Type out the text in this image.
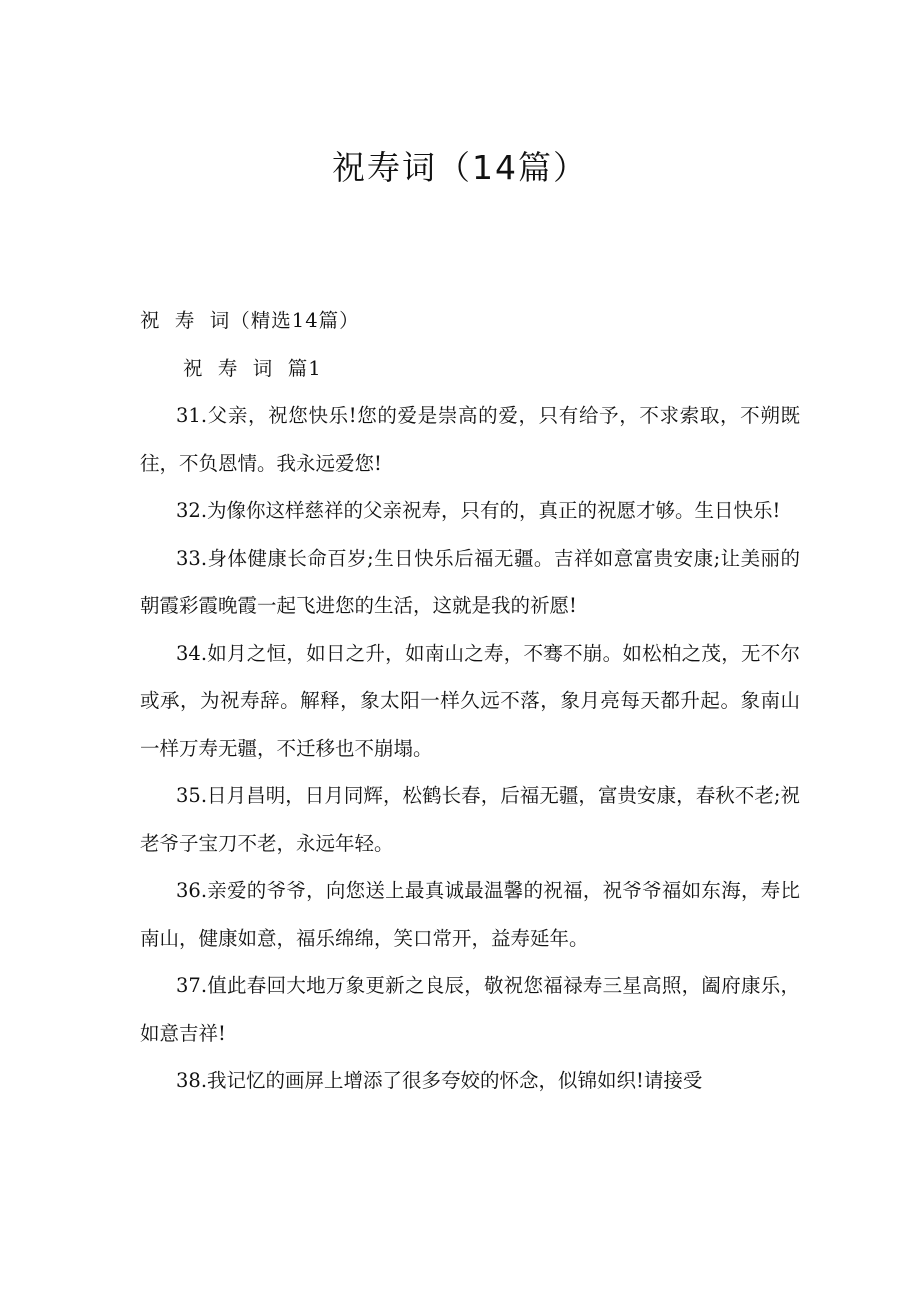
祝寿词（14篇）

祝  寿  词（精选14篇）

祝  寿  词  篇1

31.父亲，祝您快乐!您的爱是崇高的爱，只有给予，不求索取，不朔既往，不负恩情。我永远爱您!

32.为像你这样慈祥的父亲祝寿，只有的，真正的祝愿才够。生日快乐!

33.身体健康长命百岁;生日快乐后福无疆。吉祥如意富贵安康;让美丽的朝霞彩霞晚霞一起飞进您的生活，这就是我的祈愿!

34.如月之恒，如日之升，如南山之寿，不骞不崩。如松柏之茂，无不尔或承，为祝寿辞。解释，象太阳一样久远不落，象月亮每天都升起。象南山一样万寿无疆，不迁移也不崩塌。

35.日月昌明，日月同辉，松鹤长春，后福无疆，富贵安康，春秋不老;祝老爷子宝刀不老，永远年轻。

36.亲爱的爷爷，向您送上最真诚最温馨的祝福，祝爷爷福如东海，寿比南山，健康如意，福乐绵绵，笑口常开，益寿延年。

37.值此春回大地万象更新之良辰，敬祝您福禄寿三星高照，阖府康乐，如意吉祥!

38.我记忆的画屏上增添了很多夸姣的怀念，似锦如织!请接受
